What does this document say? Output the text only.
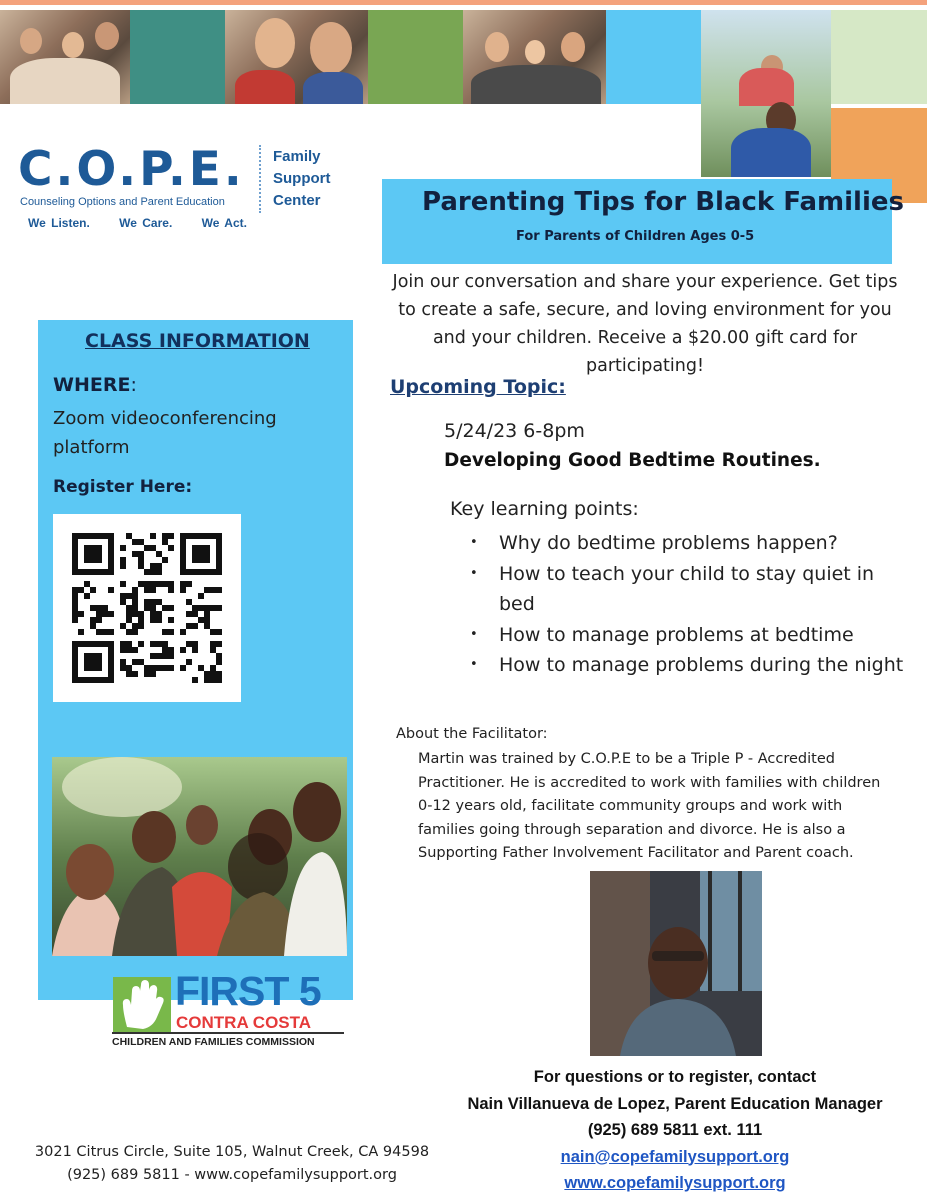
C.O.P.E.
Counseling Options and Parent Education
We Listen. We Care. We Act.
Family
Support
Center	Parenting Tips for Black Families
For Parents of Children Ages 0-5
Join our conversation and share your experience. Get tips to create a safe, secure, and loving environment for you and your children. Receive a $20.00 gift card for participating!
Upcoming Topic:
5/24/23 6-8pm
Developing Good Bedtime Routines.
Key learning points:
• Why do bedtime problems happen?
• How to teach your child to stay quiet in bed
• How to manage problems at bedtime
• How to manage problems during the night
About the Facilitator:
Martin was trained by C.O.P.E to be a Triple P - Accredited Practitioner. He is accredited to work with families with children 0-12 years old, facilitate community groups and work with families going through separation and divorce. He is also a Supporting Father Involvement Facilitator and Parent coach.
For questions or to register, contact
Nain Villanueva de Lopez, Parent Education Manager
(925) 689 5811 ext. 111
nain@copefamilysupport.org
www.copefamilysupport.org
3021 Citrus Circle, Suite 105, Walnut Creek, CA 94598
(925) 689 5811 - www.copefamilysupport.org
CLASS INFORMATION
WHERE:
Zoom videoconferencing platform
Register Here:
FIRST 5
CONTRA COSTA
CHILDREN AND FAMILIES COMMISSION
